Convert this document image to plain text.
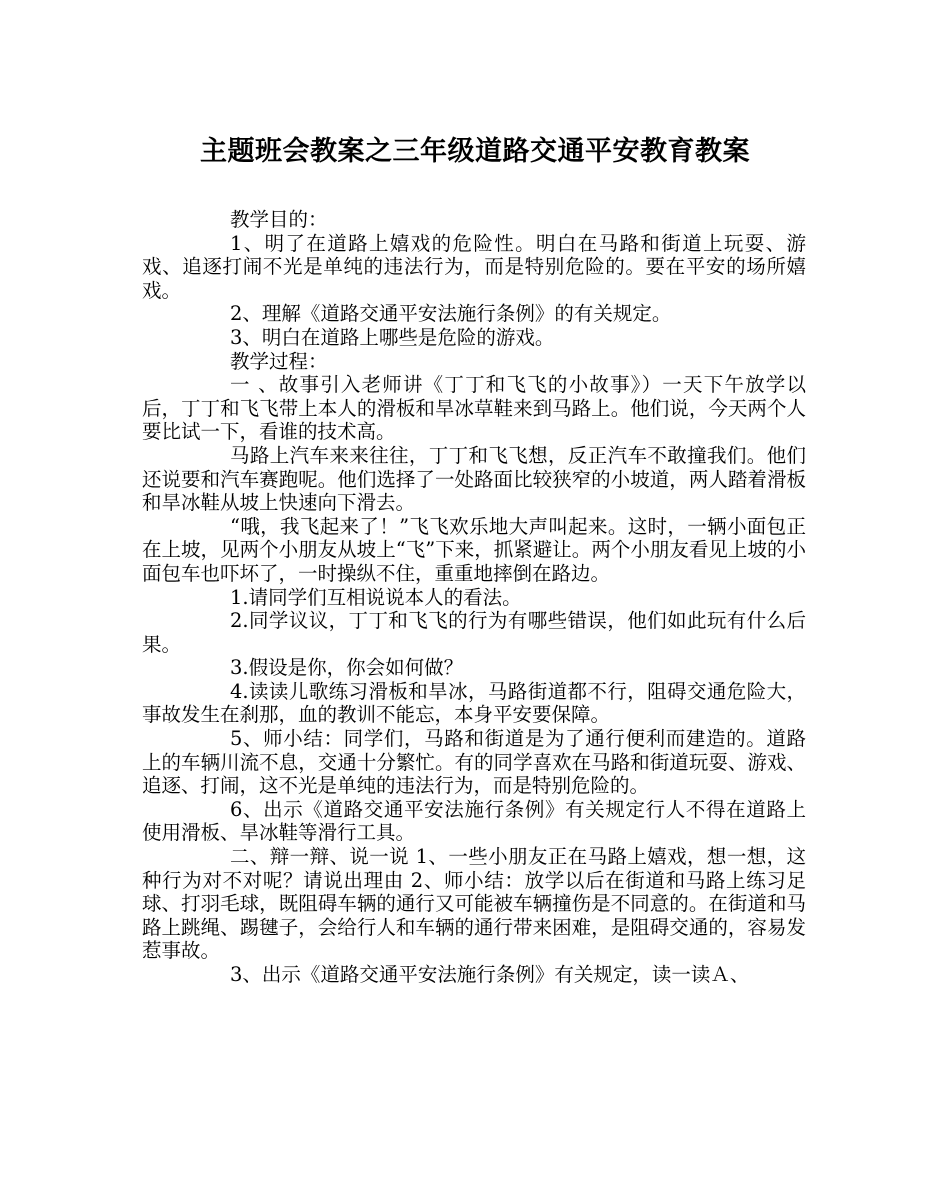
主题班会教案之三年级道路交通平安教育教案

教学目的：

1、明了在道路上嬉戏的危险性。明白在马路和街道上玩耍、游戏、追逐打闹不光是单纯的违法行为，而是特别危险的。要在平安的场所嬉戏。

2、理解《道路交通平安法施行条例》的有关规定。

3、明白在道路上哪些是危险的游戏。

教学过程：

一 、故事引入老师讲《丁丁和飞飞的小故事》）一天下午放学以后，丁丁和飞飞带上本人的滑板和旱冰草鞋来到马路上。他们说，今天两个人要比试一下，看谁的技术高。

马路上汽车来来往往，丁丁和飞飞想，反正汽车不敢撞我们。他们还说要和汽车赛跑呢。他们选择了一处路面比较狭窄的小坡道，两人踏着滑板和旱冰鞋从坡上快速向下滑去。

“哦，我飞起来了！”飞飞欢乐地大声叫起来。这时，一辆小面包正在上坡，见两个小朋友从坡上“飞”下来，抓紧避让。两个小朋友看见上坡的小面包车也吓坏了，一时操纵不住，重重地摔倒在路边。

1.请同学们互相说说本人的看法。

2.同学议议，丁丁和飞飞的行为有哪些错误，他们如此玩有什么后果。

3.假设是你，你会如何做？

4.读读儿歌练习滑板和旱冰，马路街道都不行，阻碍交通危险大，事故发生在刹那，血的教训不能忘，本身平安要保障。

5、师小结：同学们，马路和街道是为了通行便利而建造的。道路上的车辆川流不息，交通十分繁忙。有的同学喜欢在马路和街道玩耍、游戏、追逐、打闹，这不光是单纯的违法行为，而是特别危险的。

6、出示《道路交通平安法施行条例》有关规定行人不得在道路上使用滑板、旱冰鞋等滑行工具。

二、辩一辩、说一说 1、一些小朋友正在马路上嬉戏，想一想，这种行为对不对呢？请说出理由 2、师小结：放学以后在街道和马路上练习足球、打羽毛球，既阻碍车辆的通行又可能被车辆撞伤是不同意的。在街道和马路上跳绳、踢毽子，会给行人和车辆的通行带来困难，是阻碍交通的，容易发惹事故。

3、出示《道路交通平安法施行条例》有关规定，读一读Ａ、
